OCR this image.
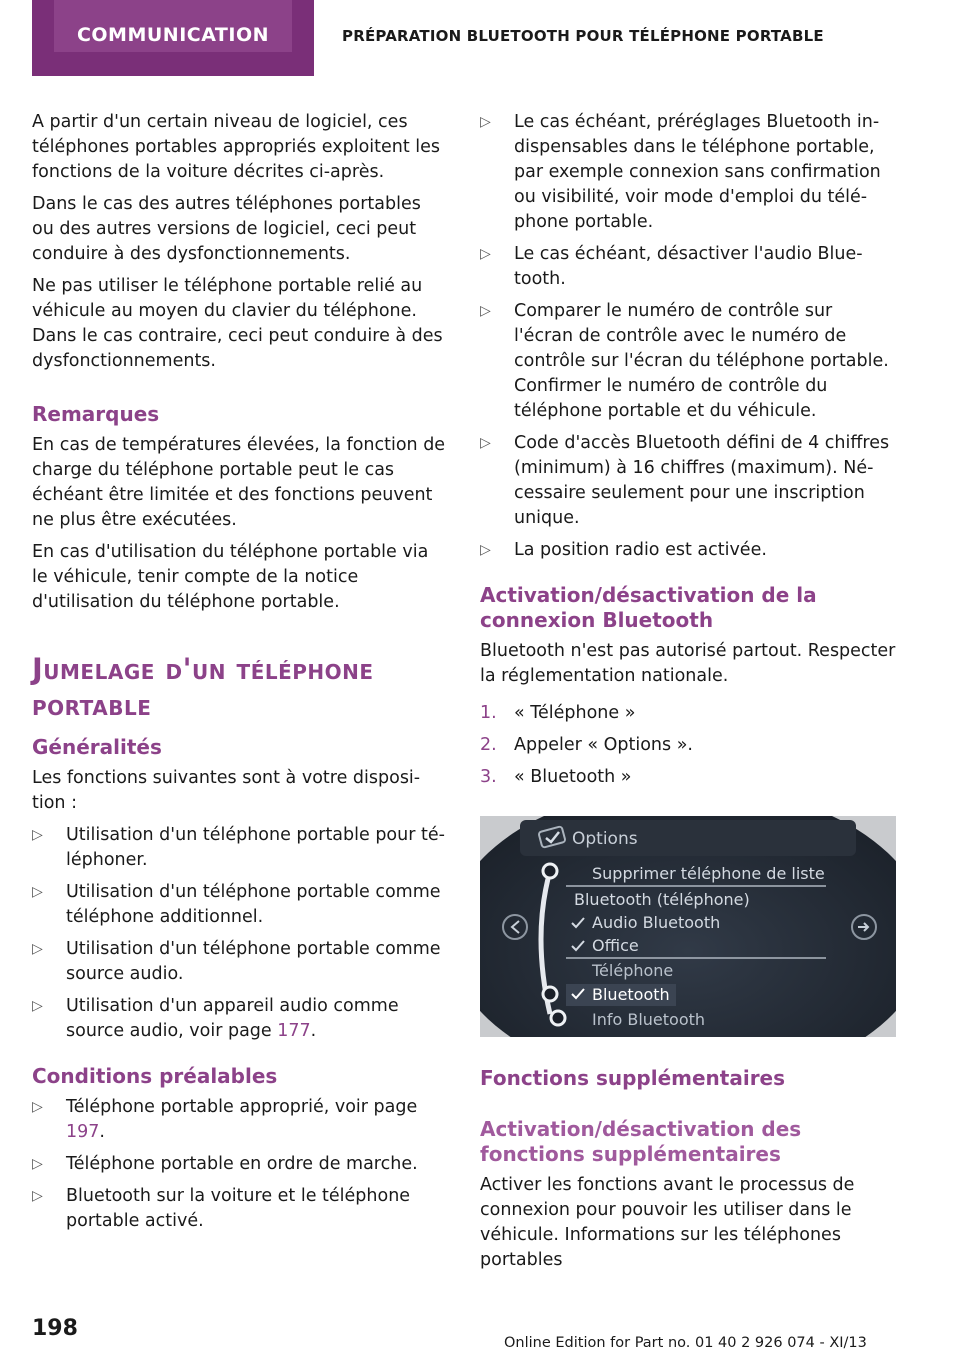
COMMUNICATION	PRÉPARATION BLUETOOTH POUR TÉLÉPHONE PORTABLE

A partir d'un certain niveau de logiciel, ces téléphones portables appropriés exploitent les fonctions de la voiture décrites ci-après.

Dans le cas des autres téléphones portables ou des autres versions de logiciel, ceci peut conduire à des dysfonctionnements.

Ne pas utiliser le téléphone portable relié au véhicule au moyen du clavier du téléphone. Dans le cas contraire, ceci peut conduire à des dysfonctionnements.

Remarques

En cas de températures élevées, la fonction de charge du téléphone portable peut le cas échéant être limitée et des fonctions peuvent ne plus être exécutées.

En cas d'utilisation du téléphone portable via le véhicule, tenir compte de la notice d'utilisation du téléphone portable.

Jumelage d'un téléphone portable
Généralités

Les fonctions suivantes sont à votre disposition :

▷	Utilisation d'un téléphone portable pour téléphoner.
▷	Utilisation d'un téléphone portable comme téléphone additionnel.
▷	Utilisation d'un téléphone portable comme source audio.
▷	Utilisation d'un appareil audio comme source audio, voir page 177.
Conditions préalables
▷	Téléphone portable approprié, voir page 197.
▷	Téléphone portable en ordre de marche.
▷	Bluetooth sur la voiture et le téléphone portable activé.
▷	Le cas échéant, préréglages Bluetooth indispensables dans le téléphone portable, par exemple connexion sans confirmation ou visibilité, voir mode d'emploi du téléphone portable.
▷	Le cas échéant, désactiver l'audio Bluetooth.
▷	Comparer le numéro de contrôle sur l'écran de contrôle avec le numéro de contrôle sur l'écran du téléphone portable. Confirmer le numéro de contrôle du téléphone portable et du véhicule.
▷	Code d'accès Bluetooth défini de 4 chiffres (minimum) à 16 chiffres (maximum). Nécessaire seulement pour une inscription unique.
▷	La position radio est activée.
Activation/désactivation de la connexion Bluetooth

Bluetooth n'est pas autorisé partout. Respecter la réglementation nationale.

1. « Téléphone »
2. Appeler « Options ».
3. « Bluetooth »
Options
Supprimer téléphone de liste
Bluetooth (téléphone)
Audio Bluetooth
Office
Téléphone
Bluetooth
Info Bluetooth
Fonctions supplémentaires
Activation/désactivation des fonctions supplémentaires

Activer les fonctions avant le processus de connexion pour pouvoir les utiliser dans le véhicule. Informations sur les téléphones portables

198
Online Edition for Part no. 01 40 2 926 074 - XI/13
